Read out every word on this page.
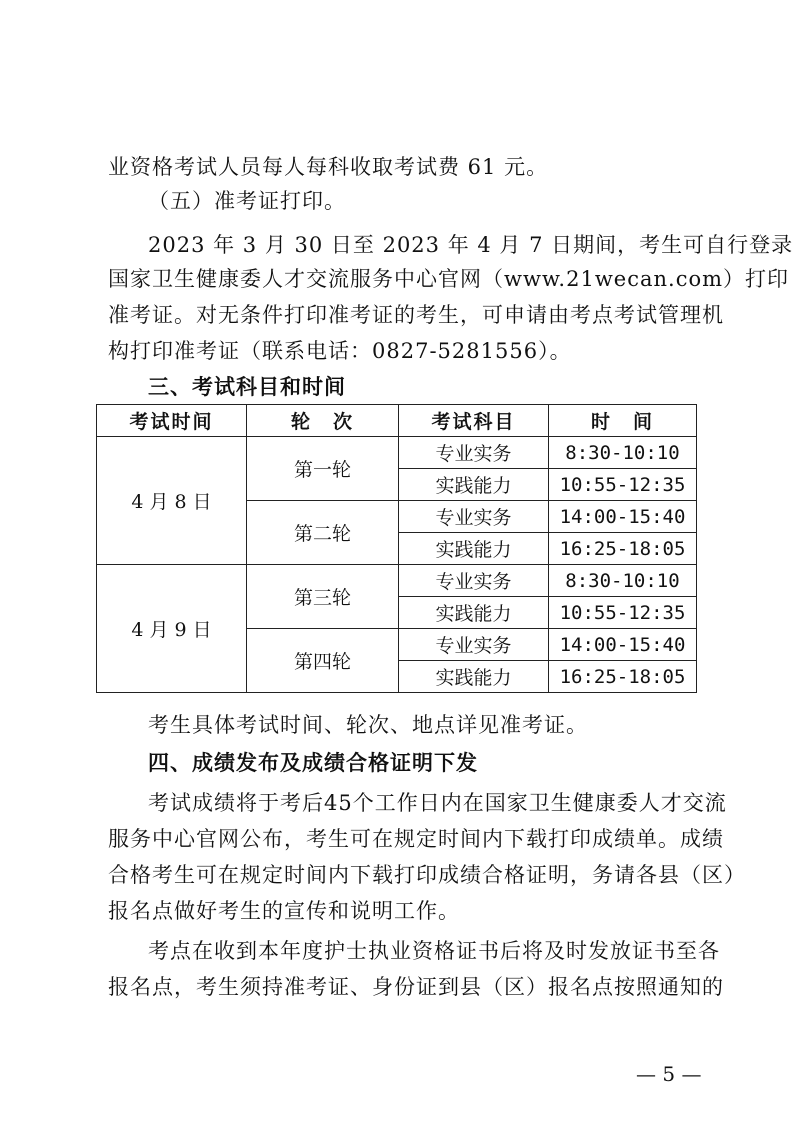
业资格考试人员每人每科收取考试费 61 元。
（五）准考证打印。
2023 年 3 月 30 日至 2023 年 4 月 7 日期间，考生可自行登录
国家卫生健康委人才交流服务中心官网（www.21wecan.com）打印
准考证。对无条件打印准考证的考生，可申请由考点考试管理机
构打印准考证（联系电话：0827-5281556）。
三、考试科目和时间
考试时间	轮　次	考试科目	时　间
4 月 8 日	第一轮	专业实务	8:30-10:10
		实践能力	10:55-12:35
	第二轮	专业实务	14:00-15:40
		实践能力	16:25-18:05
4 月 9 日	第三轮	专业实务	8:30-10:10
		实践能力	10:55-12:35
	第四轮	专业实务	14:00-15:40
		实践能力	16:25-18:05
考生具体考试时间、轮次、地点详见准考证。
四、成绩发布及成绩合格证明下发
考试成绩将于考后45个工作日内在国家卫生健康委人才交流
服务中心官网公布，考生可在规定时间内下载打印成绩单。成绩
合格考生可在规定时间内下载打印成绩合格证明，务请各县（区）
报名点做好考生的宣传和说明工作。
考点在收到本年度护士执业资格证书后将及时发放证书至各
报名点，考生须持准考证、身份证到县（区）报名点按照通知的
— 5 —
